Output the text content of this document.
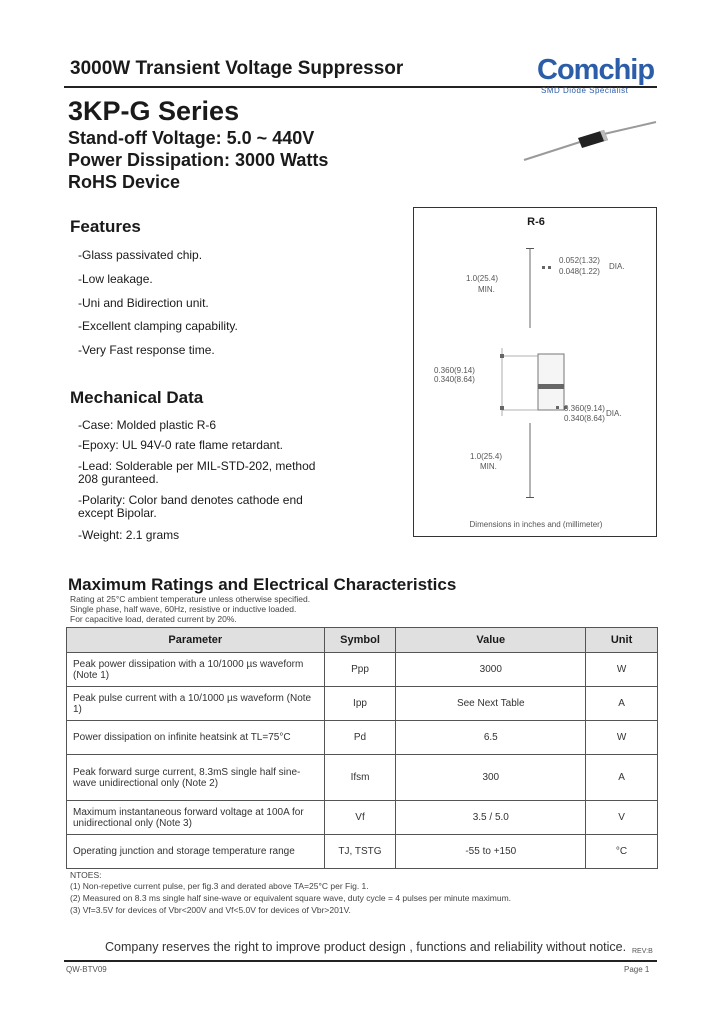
3000W Transient Voltage Suppressor	Comchip
SMD Diode Specialist
3KP-G Series
Stand-off Voltage: 5.0 ~ 440V
Power Dissipation: 3000 Watts
RoHS Device
Features
-Glass passivated chip.
-Low leakage.
-Uni and Bidirection unit.
-Excellent clamping capability.
-Very Fast response time.
Mechanical Data
-Case: Molded plastic R-6
-Epoxy: UL 94V-0 rate flame retardant.
-Lead: Solderable per MIL-STD-202, method
208 guranteed.
-Polarity: Color band denotes cathode end
except Bipolar.
-Weight: 2.1 grams
R-6
0.052(1.32)
0.048(1.22)
DIA.
1.0(25.4)
MIN.
0.360(9.14)
0.340(8.64)
0.360(9.14)
0.340(8.64)
DIA.
1.0(25.4)
MIN.
Dimensions in inches and (millimeter)
Maximum Ratings and Electrical Characteristics
Rating at 25°C ambient temperature unless otherwise specified.
Single phase, half wave, 60Hz, resistive or inductive loaded.
For capacitive load, derated current by 20%.
Parameter	Symbol	Value	Unit
Peak power dissipation with a 10/1000 µs waveform (Note 1)	Ppp	3000	W
Peak pulse current with a 10/1000 µs waveform (Note 1)	Ipp	See Next Table	A
Power dissipation on infinite heatsink at TL=75°C	Pd	6.5	W
Peak forward surge current, 8.3mS single half sine-wave unidirectional only (Note 2)	Ifsm	300	A
Maximum instantaneous forward voltage at 100A for unidirectional only (Note 3)	Vf	3.5 / 5.0	V
Operating junction and storage temperature range	TJ, TSTG	-55 to +150	°C
NTOES:
(1) Non-repetive current pulse, per fig.3 and derated above TA=25°C per Fig. 1.
(2) Measured on 8.3 ms single half sine-wave or equivalent square wave, duty cycle = 4 pulses per minute maximum.
(3) Vf=3.5V for devices of Vbr<200V and Vf<5.0V for devices of Vbr>201V.
Company reserves the right to improve product design , functions and reliability without notice. REV:B
QW-BTV09	Page 1
